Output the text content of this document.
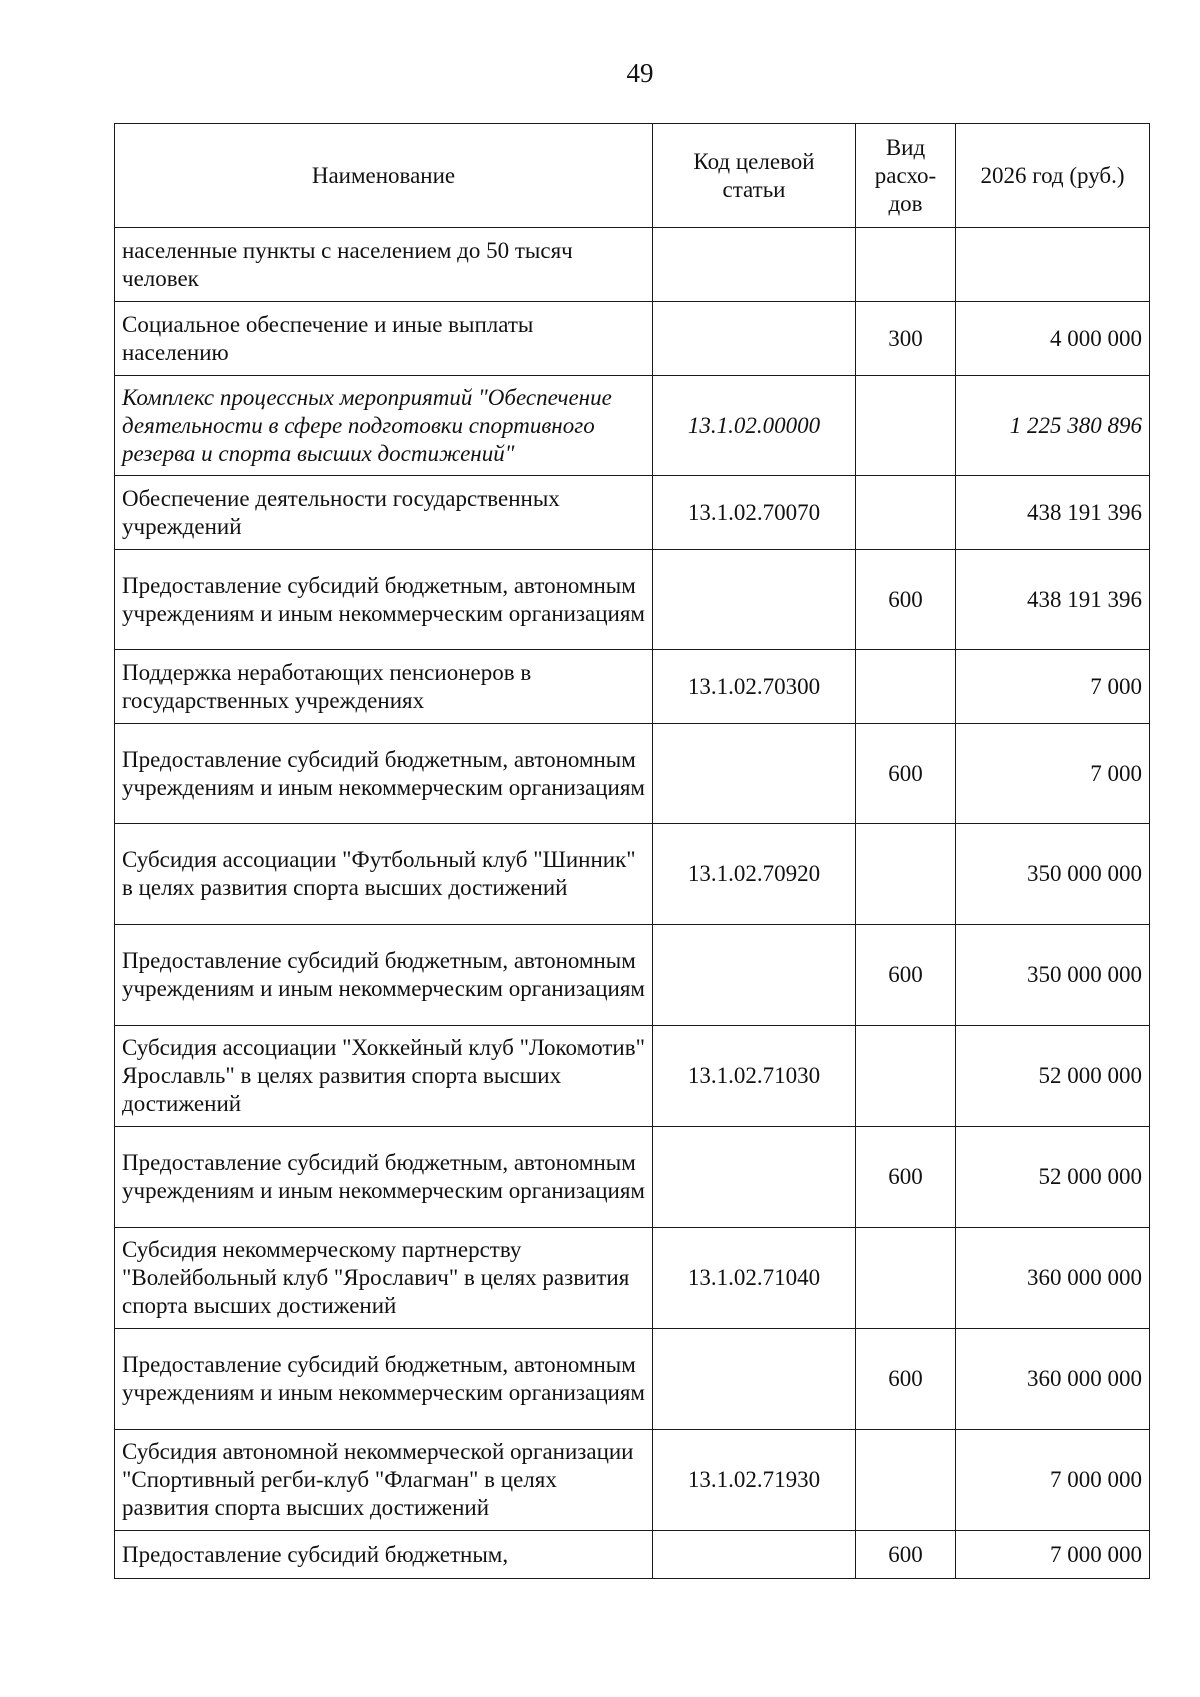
49
Наименование	Код целевой статьи	Вид расхо-дов	2026 год (руб.)
населенные пункты с населением до 50 тысяч человек			
Социальное обеспечение и иные выплаты населению		300	4 000 000
Комплекс процессных мероприятий "Обеспечение деятельности в сфере подготовки спортивного резерва и спорта высших достижений"	13.1.02.00000		1 225 380 896
Обеспечение деятельности государственных учреждений	13.1.02.70070		438 191 396
Предоставление субсидий бюджетным, автономным учреждениям и иным некоммерческим организациям		600	438 191 396
Поддержка неработающих пенсионеров в государственных учреждениях	13.1.02.70300		7 000
Предоставление субсидий бюджетным, автономным учреждениям и иным некоммерческим организациям		600	7 000
Субсидия ассоциации "Футбольный клуб "Шинник" в целях развития спорта высших достижений	13.1.02.70920		350 000 000
Предоставление субсидий бюджетным, автономным учреждениям и иным некоммерческим организациям		600	350 000 000
Субсидия ассоциации "Хоккейный клуб "Локомотив" Ярославль" в целях развития спорта высших достижений	13.1.02.71030		52 000 000
Предоставление субсидий бюджетным, автономным учреждениям и иным некоммерческим организациям		600	52 000 000
Субсидия некоммерческому партнерству "Волейбольный клуб "Ярославич" в целях развития спорта высших достижений	13.1.02.71040		360 000 000
Предоставление субсидий бюджетным, автономным учреждениям и иным некоммерческим организациям		600	360 000 000
Субсидия автономной некоммерческой организации "Спортивный регби-клуб "Флагман" в целях развития спорта высших достижений	13.1.02.71930		7 000 000
Предоставление субсидий бюджетным,		600	7 000 000
